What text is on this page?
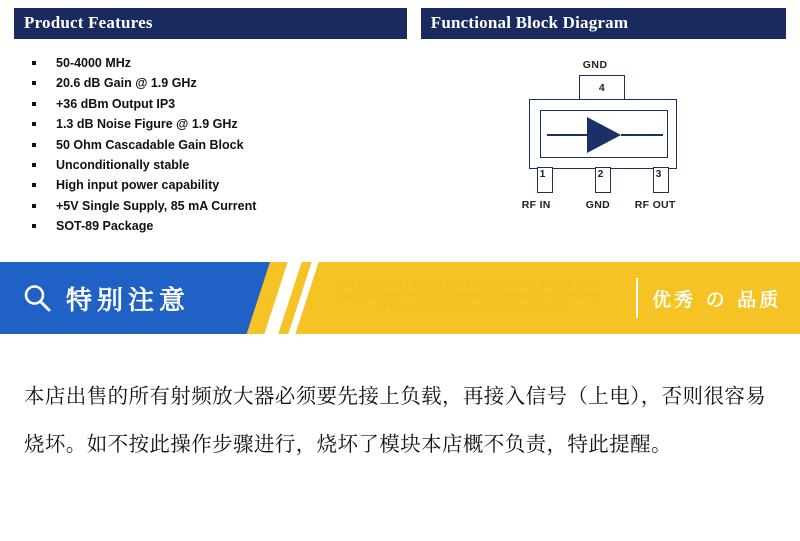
Product Features
50-4000 MHz
20.6 dB Gain @ 1.9 GHz
+36 dBm Output IP3
1.3 dB Noise Figure @ 1.9 GHz
50 Ohm Cascadable Gain Block
Unconditionally stable
High input power capability
+5V Single Supply, 85 mA Current
SOT-89 Package
Functional Block Diagram
GND
4
1	2	3
RF IN	GND RF OUT
特别注意	THE BEST SMALL T BROTHE TOOLS IN THE WORLD IS THE PARTS WEB ALLIANCE EXCEPT PROGRAM GREAT GENERATION. HOW LOOK SYSTEM FIRST GROUP TRAINING DON'T AND THE ACL / LAN	优秀 の 品质
本店出售的所有射频放大器必须要先接上负载，再接入信号（上电），否则很容易烧坏。如不按此操作步骤进行，烧坏了模块本店概不负责，特此提醒。
